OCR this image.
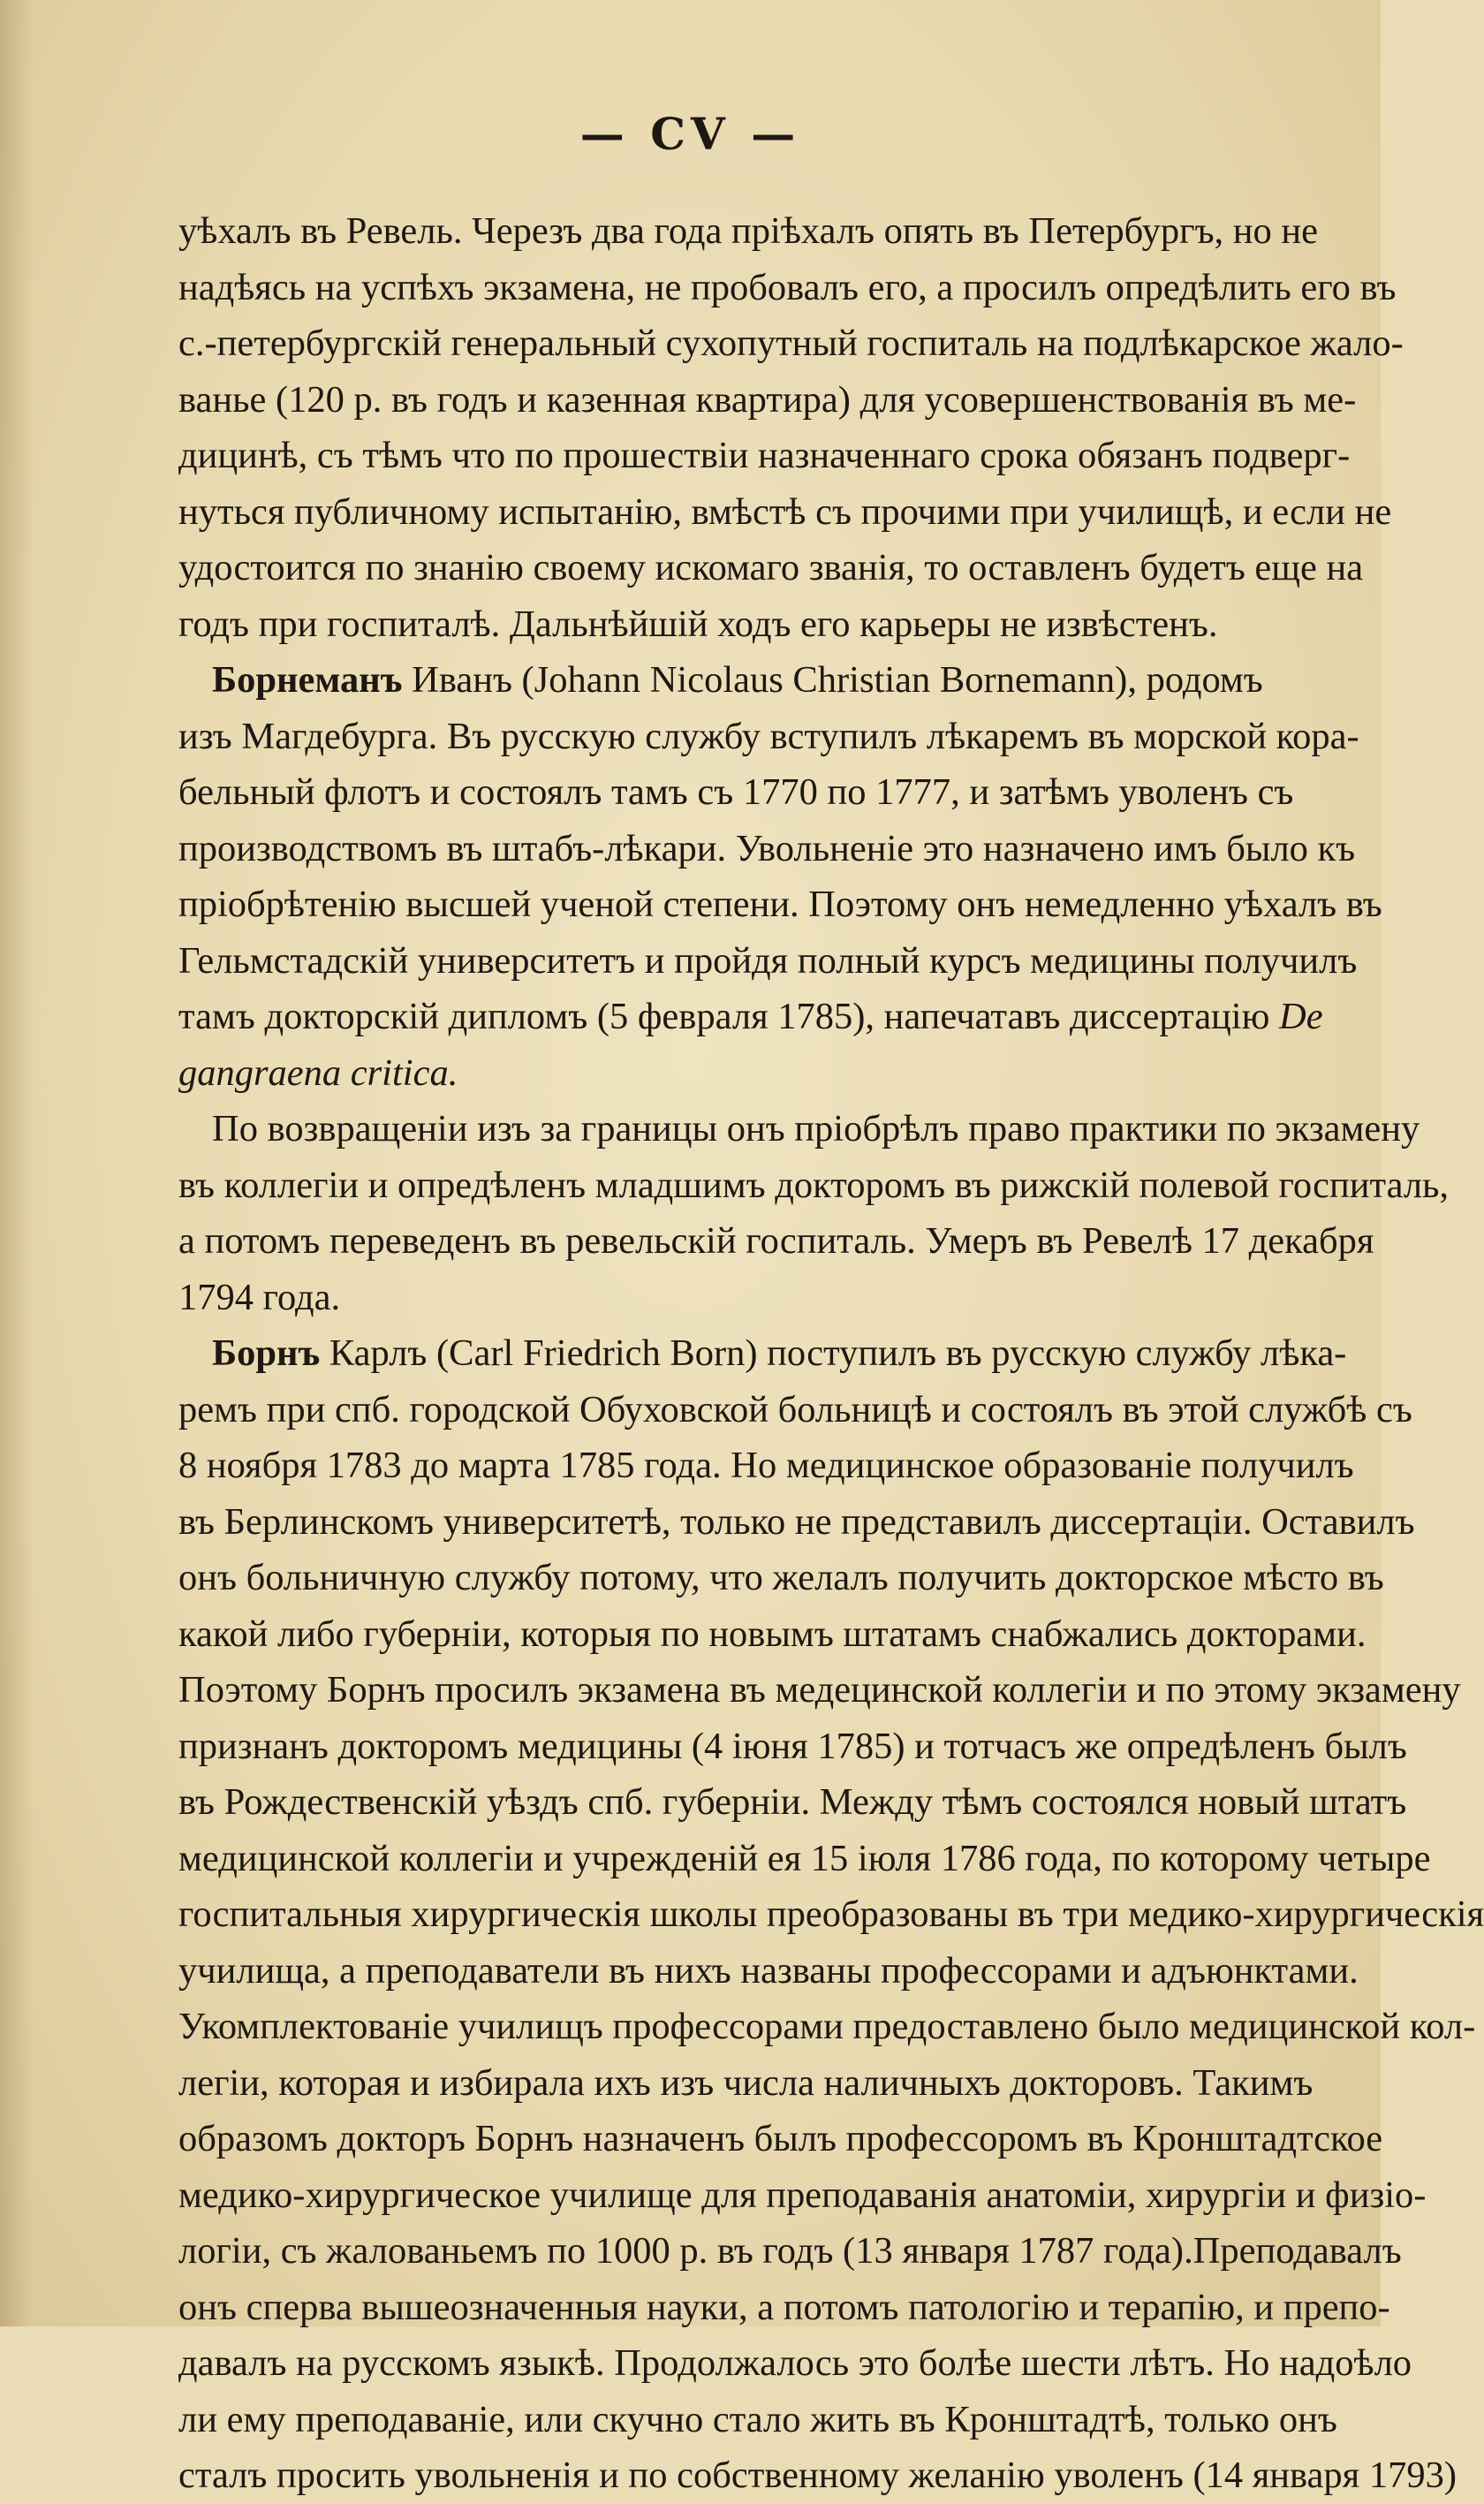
— CV —
уѣхалъ въ Ревель. Черезъ два года пріѣхалъ опять въ Петербургъ, но не
надѣясь на успѣхъ экзамена, не пробовалъ его, а просилъ опредѣлить его въ
с.-петербургскій генеральный сухопутный госпиталь на подлѣкарское жало-
ванье (120 р. въ годъ и казенная квартира) для усовершенствованія въ ме-
дицинѣ, съ тѣмъ что по прошествіи назначеннаго срока обязанъ подверг-
нуться публичному испытанію, вмѣстѣ съ прочими при училищѣ, и если не
удостоится по знанію своему искомаго званія, то оставленъ будетъ еще на
годъ при госпиталѣ. Дальнѣйшій ходъ его карьеры не извѣстенъ.
Борнеманъ Иванъ (Johann Nicolaus Christian Bornemann), родомъ
изъ Магдебурга. Въ русскую службу вступилъ лѣкаремъ въ морской кора-
бельный флотъ и состоялъ тамъ съ 1770 по 1777, и затѣмъ уволенъ съ
производствомъ въ штабъ-лѣкари. Увольненіе это назначено имъ было къ
пріобрѣтенію высшей ученой степени. Поэтому онъ немедленно уѣхалъ въ
Гельмстадскій университетъ и пройдя полный курсъ медицины получилъ
тамъ докторскій дипломъ (5 февраля 1785), напечатавъ диссертацію De
gangraena critica.
По возвращеніи изъ за границы онъ пріобрѣлъ право практики по экзамену
въ коллегіи и опредѣленъ младшимъ докторомъ въ рижскій полевой госпиталь,
а потомъ переведенъ въ ревельскій госпиталь. Умеръ въ Ревелѣ 17 декабря
1794 года.
Борнъ Карлъ (Carl Friedrich Born) поступилъ въ русскую службу лѣка-
ремъ при спб. городской Обуховской больницѣ и состоялъ въ этой службѣ съ
8 ноября 1783 до марта 1785 года. Но медицинское образованіе получилъ
въ Берлинскомъ университетѣ, только не представилъ диссертаціи. Оставилъ
онъ больничную службу потому, что желалъ получить докторское мѣсто въ
какой либо губерніи, которыя по новымъ штатамъ снабжались докторами.
Поэтому Борнъ просилъ экзамена въ медецинской коллегіи и по этому экзамену
признанъ докторомъ медицины (4 іюня 1785) и тотчасъ же опредѣленъ былъ
въ Рождественскій уѣздъ спб. губерніи. Между тѣмъ состоялся новый штатъ
медицинской коллегіи и учрежденій ея 15 іюля 1786 года, по которому четыре
госпитальныя хирургическія школы преобразованы въ три медико-хирургическія
училища, а преподаватели въ нихъ названы профессорами и адъюнктами.
Укомплектованіе училищъ профессорами предоставлено было медицинской кол-
легіи, которая и избирала ихъ изъ числа наличныхъ докторовъ. Такимъ
образомъ докторъ Борнъ назначенъ былъ профессоромъ въ Кронштадтское
медико-хирургическое училище для преподаванія анатоміи, хирургіи и физіо-
логіи, съ жалованьемъ по 1000 р. въ годъ (13 января 1787 года).Преподавалъ
онъ сперва вышеозначенныя науки, а потомъ патологію и терапію, и препо-
давалъ на русскомъ языкѣ. Продолжалось это болѣе шести лѣтъ. Но надоѣло
ли ему преподаваніе, или скучно стало жить въ Кронштадтѣ, только онъ
сталъ просить увольненія и по собственному желанію уволенъ (14 января 1793)
